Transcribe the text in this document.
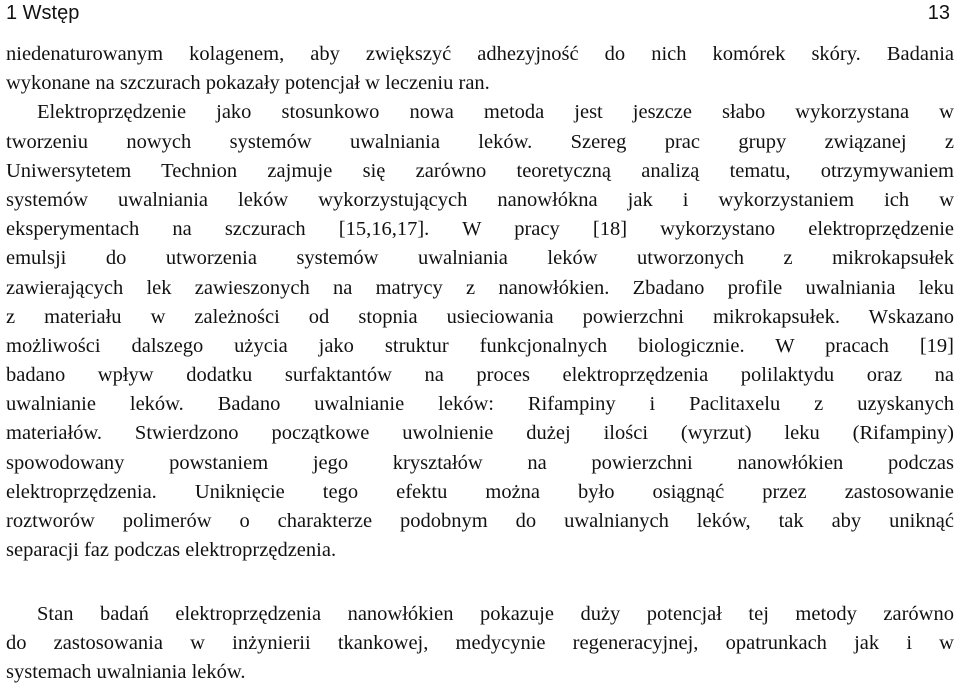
1 Wstęp	13
niedenaturowanym kolagenem, aby zwiększyć adhezyjność do nich komórek skóry. Badania
wykonane na szczurach pokazały potencjał w leczeniu ran.
Elektroprzędzenie jako stosunkowo nowa metoda jest jeszcze słabo wykorzystana w
tworzeniu nowych systemów uwalniania leków. Szereg prac grupy związanej z
Uniwersytetem Technion zajmuje się zarówno teoretyczną analizą tematu, otrzymywaniem
systemów uwalniania leków wykorzystujących nanowłókna jak i wykorzystaniem ich w
eksperymentach na szczurach [15,16,17]. W pracy [18] wykorzystano elektroprzędzenie
emulsji do utworzenia systemów uwalniania leków utworzonych z mikrokapsułek
zawierających lek zawieszonych na matrycy z nanowłókien. Zbadano profile uwalniania leku
z materiału w zależności od stopnia usieciowania powierzchni mikrokapsułek. Wskazano
możliwości dalszego użycia jako struktur funkcjonalnych biologicznie. W pracach [19]
badano wpływ dodatku surfaktantów na proces elektroprzędzenia polilaktydu oraz na
uwalnianie leków. Badano uwalnianie leków: Rifampiny i Paclitaxelu z uzyskanych
materiałów. Stwierdzono początkowe uwolnienie dużej ilości (wyrzut) leku (Rifampiny)
spowodowany powstaniem jego kryształów na powierzchni nanowłókien podczas
elektroprzędzenia. Uniknięcie tego efektu można było osiągnąć przez zastosowanie
roztworów polimerów o charakterze podobnym do uwalnianych leków, tak aby uniknąć
separacji faz podczas elektroprzędzenia.
Stan badań elektroprzędzenia nanowłókien pokazuje duży potencjał tej metody zarówno
do zastosowania w inżynierii tkankowej, medycynie regeneracyjnej, opatrunkach jak i w
systemach uwalniania leków.
